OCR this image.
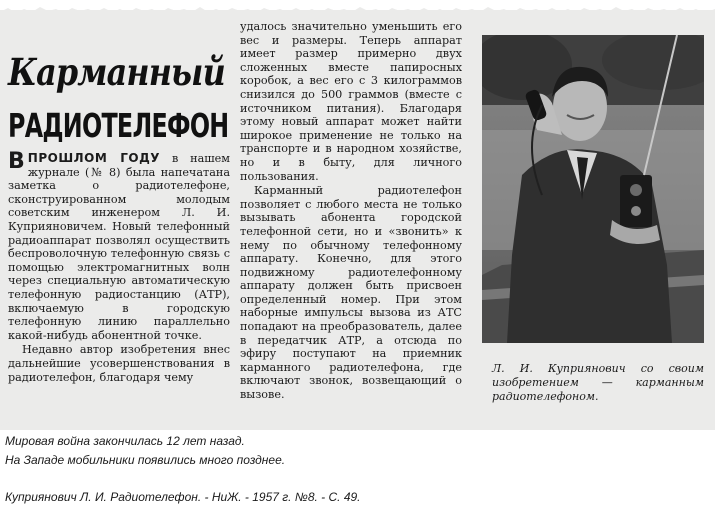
Карманный
РАДИОТЕЛЕФОН

ВПРОШЛОМ ГОДУ в нашем журнале (№ 8) была напечатана заметка о радиотелефоне, сконструированном молодым советским инженером Л. И. Куприяновичем. Новый телефонный радиоаппарат позволял осуществить беспроволочную телефонную связь с помощью электромагнитных волн через специальную автоматическую телефонную радиостанцию (АТР), включаемую в городскую телефонную линию параллельно какой-нибудь абонентной точке.

Недавно автор изобретения внес дальнейшие усовершенствования в радиотелефон, благодаря чему

удалось значительно уменьшить его вес и размеры. Теперь аппарат имеет размер примерно двух сложенных вместе папиросных коробок, а вес его с 3 килограммов снизился до 500 граммов (вместе с источником питания). Благодаря этому новый аппарат может найти широкое применение не только на транспорте и в народном хозяйстве, но и в быту, для личного пользования.

Карманный радиотелефон позволяет с любого места не только вызывать абонента городской телефонной сети, но и «звонить» к нему по обычному телефонному аппарату. Конечно, для этого подвижному радиотелефонному аппарату должен быть присвоен определенный номер. При этом наборные импульсы вызова из АТС попадают на преобразователь, далее в передатчик АТР, а отсюда по эфиру поступают на приемник карманного радиотелефона, где включают звонок, возвещающий о вызове.

Л. И. Куприянович со своим изобретением — карманным радиотелефоном.
Мировая война закончилась 12 лет назад.
На Западе мобильники появились много позднее.
Куприянович Л. И. Радиотелефон. - НиЖ. - 1957 г. №8. - С. 49.
